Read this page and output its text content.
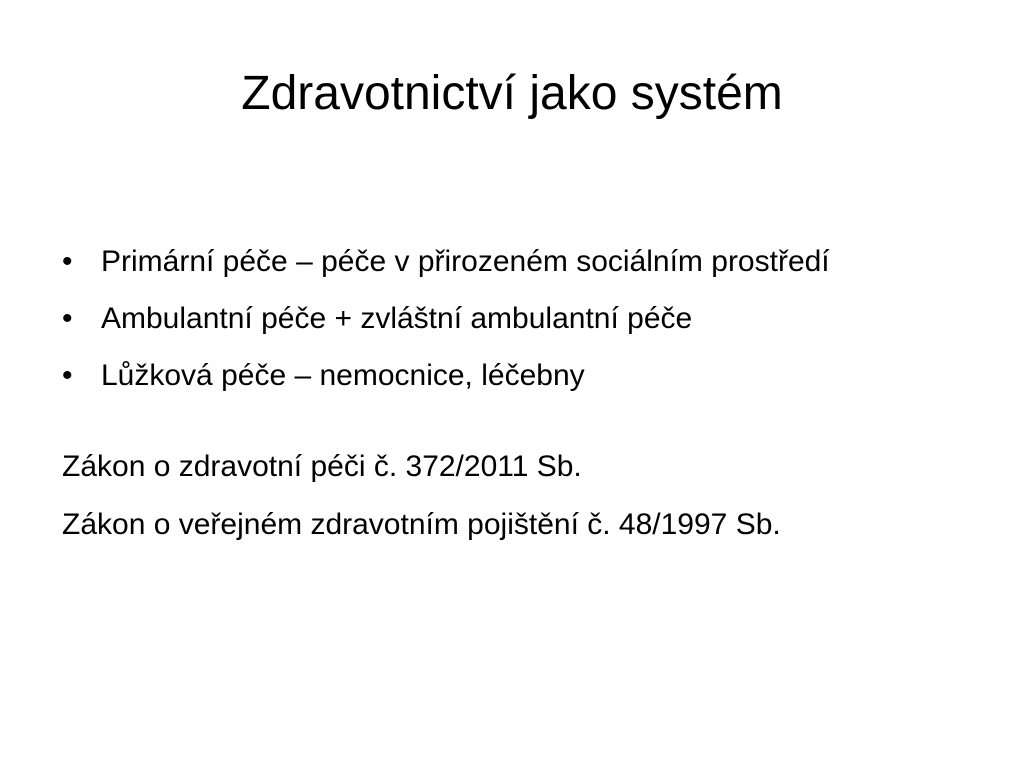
Zdravotnictví jako systém
• Primární péče – péče v přirozeném sociálním prostředí
• Ambulantní péče + zvláštní ambulantní péče
• Lůžková péče – nemocnice, léčebny

Zákon o zdravotní péči č. 372/2011 Sb.

Zákon o veřejném zdravotním pojištění č. 48/1997 Sb.
